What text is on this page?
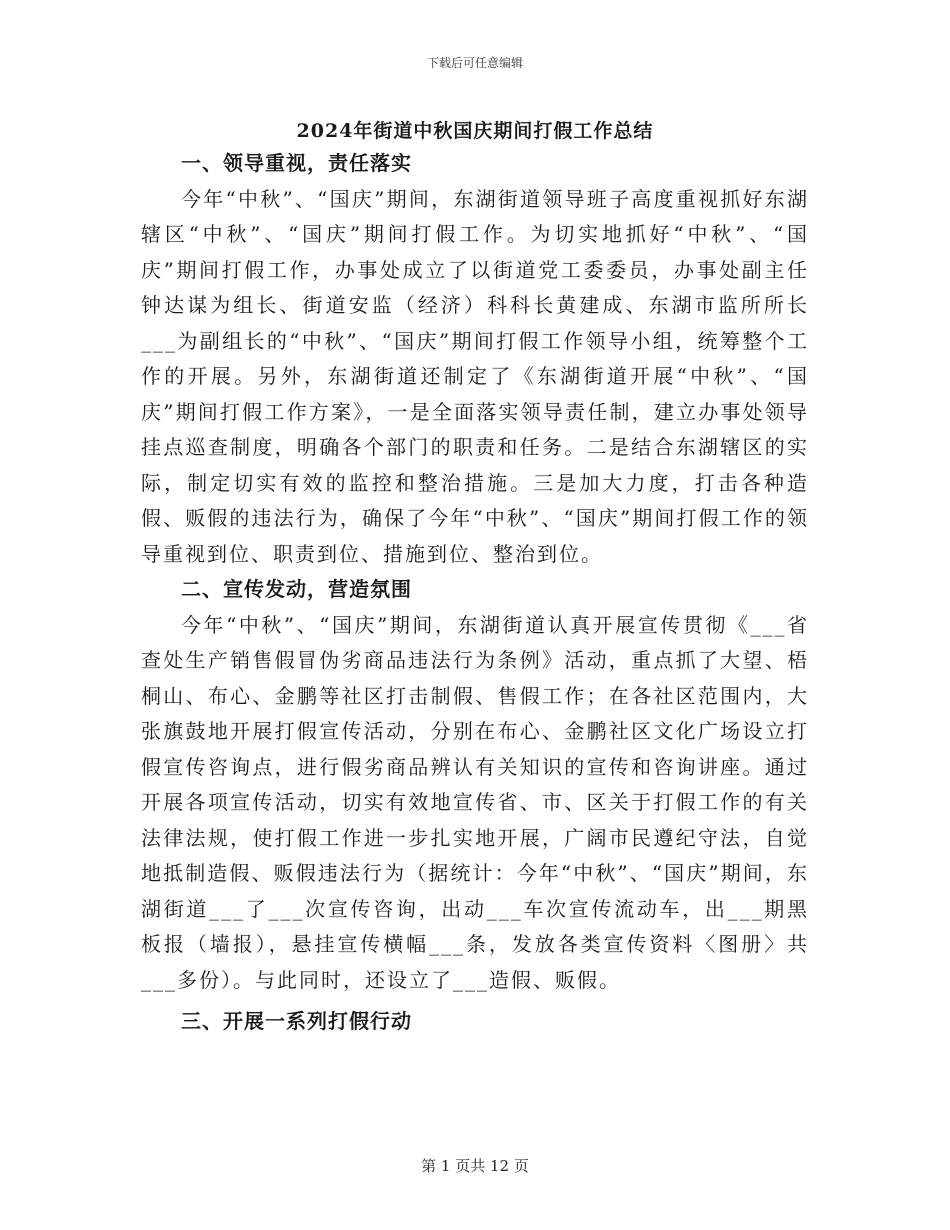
下载后可任意编辑
2024年街道中秋国庆期间打假工作总结

一、领导重视，责任落实

今年“中秋”、“国庆”期间，东湖街道领导班子高度重视抓好东湖辖区“中秋”、“国庆”期间打假工作。为切实地抓好“中秋”、“国庆”期间打假工作，办事处成立了以街道党工委委员，办事处副主任钟达谋为组长、街道安监（经济）科科长黄建成、东湖市监所所长___为副组长的“中秋”、“国庆”期间打假工作领导小组，统筹整个工作的开展。另外，东湖街道还制定了《东湖街道开展“中秋”、“国庆”期间打假工作方案》，一是全面落实领导责任制，建立办事处领导挂点巡查制度，明确各个部门的职责和任务。二是结合东湖辖区的实际，制定切实有效的监控和整治措施。三是加大力度，打击各种造假、贩假的违法行为，确保了今年“中秋”、“国庆”期间打假工作的领导重视到位、职责到位、措施到位、整治到位。

二、宣传发动，营造氛围

今年“中秋”、“国庆”期间，东湖街道认真开展宣传贯彻《___省查处生产销售假冒伪劣商品违法行为条例》活动，重点抓了大望、梧桐山、布心、金鹏等社区打击制假、售假工作；在各社区范围内，大张旗鼓地开展打假宣传活动，分别在布心、金鹏社区文化广场设立打假宣传咨询点，进行假劣商品辨认有关知识的宣传和咨询讲座。通过开展各项宣传活动，切实有效地宣传省、市、区关于打假工作的有关法律法规，使打假工作进一步扎实地开展，广阔市民遵纪守法，自觉地抵制造假、贩假违法行为（据统计：今年“中秋”、“国庆”期间，东湖街道___了___次宣传咨询，出动___车次宣传流动车，出___期黑板报（墙报），悬挂宣传横幅___条，发放各类宣传资料〈图册〉共___多份）。与此同时，还设立了___造假、贩假。

三、开展一系列打假行动

第 1 页共 12 页
